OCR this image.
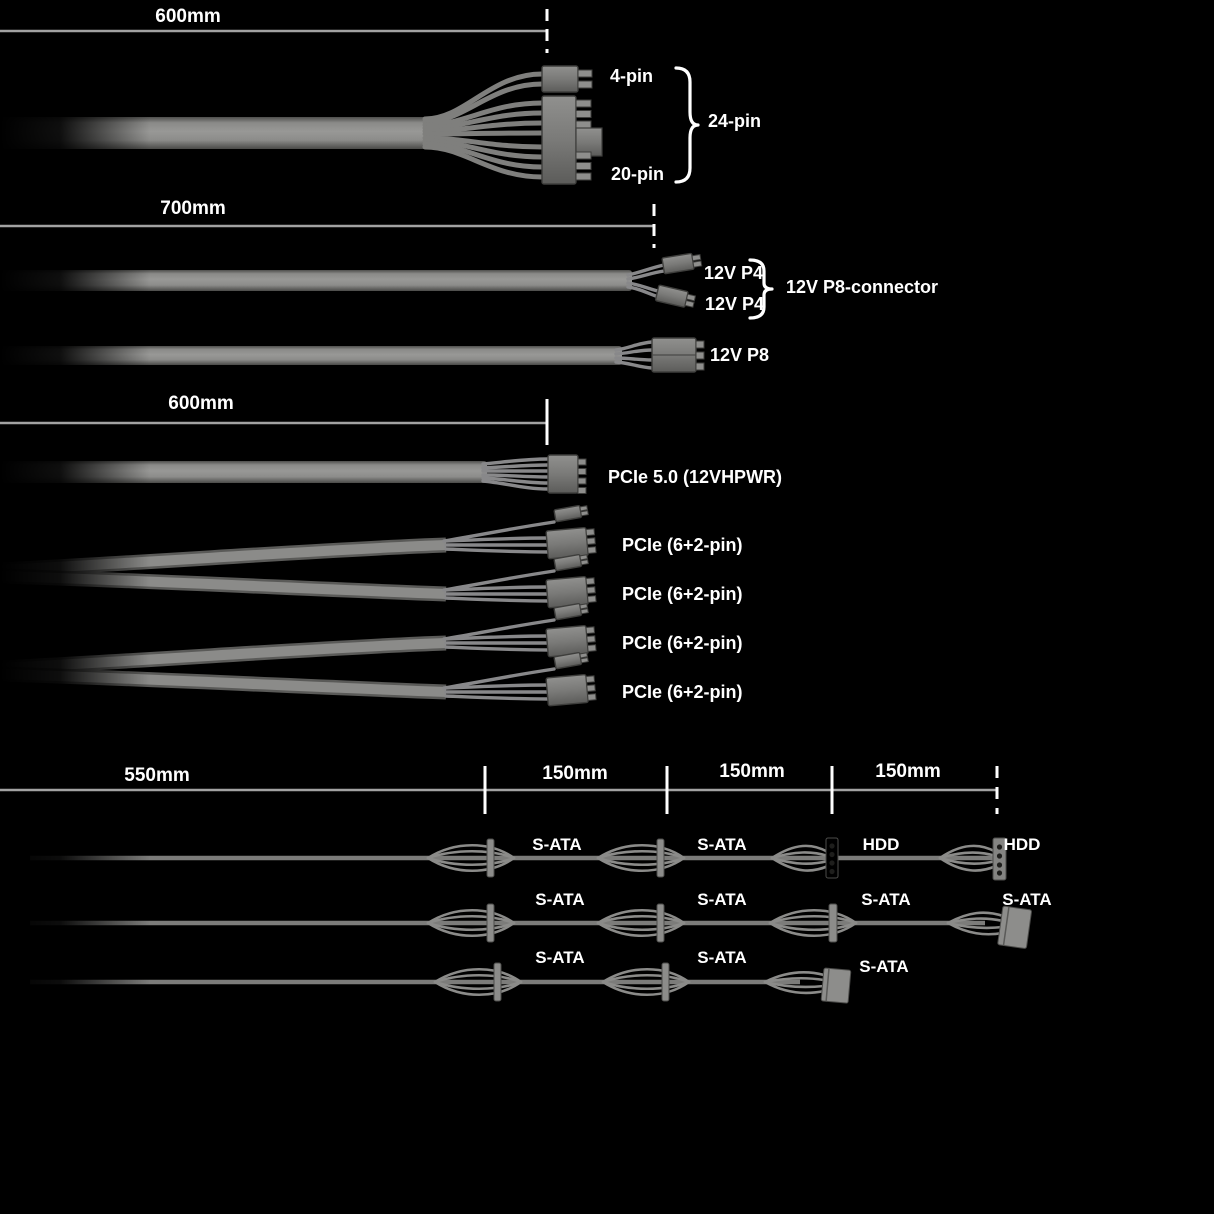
600mm
4-pin
24-pin
20-pin
700mm
12V P4
12V P4
12V P8-connector
12V P8
600mm
PCIe 5.0 (12VHPWR)
PCIe (6+2-pin)
PCIe (6+2-pin)
PCIe (6+2-pin)
PCIe (6+2-pin)
550mm	150mm	150mm	150mm
S-ATA	S-ATA	HDD	HDD
S-ATA	S-ATA	S-ATA	S-ATA
S-ATA	S-ATA	S-ATA
